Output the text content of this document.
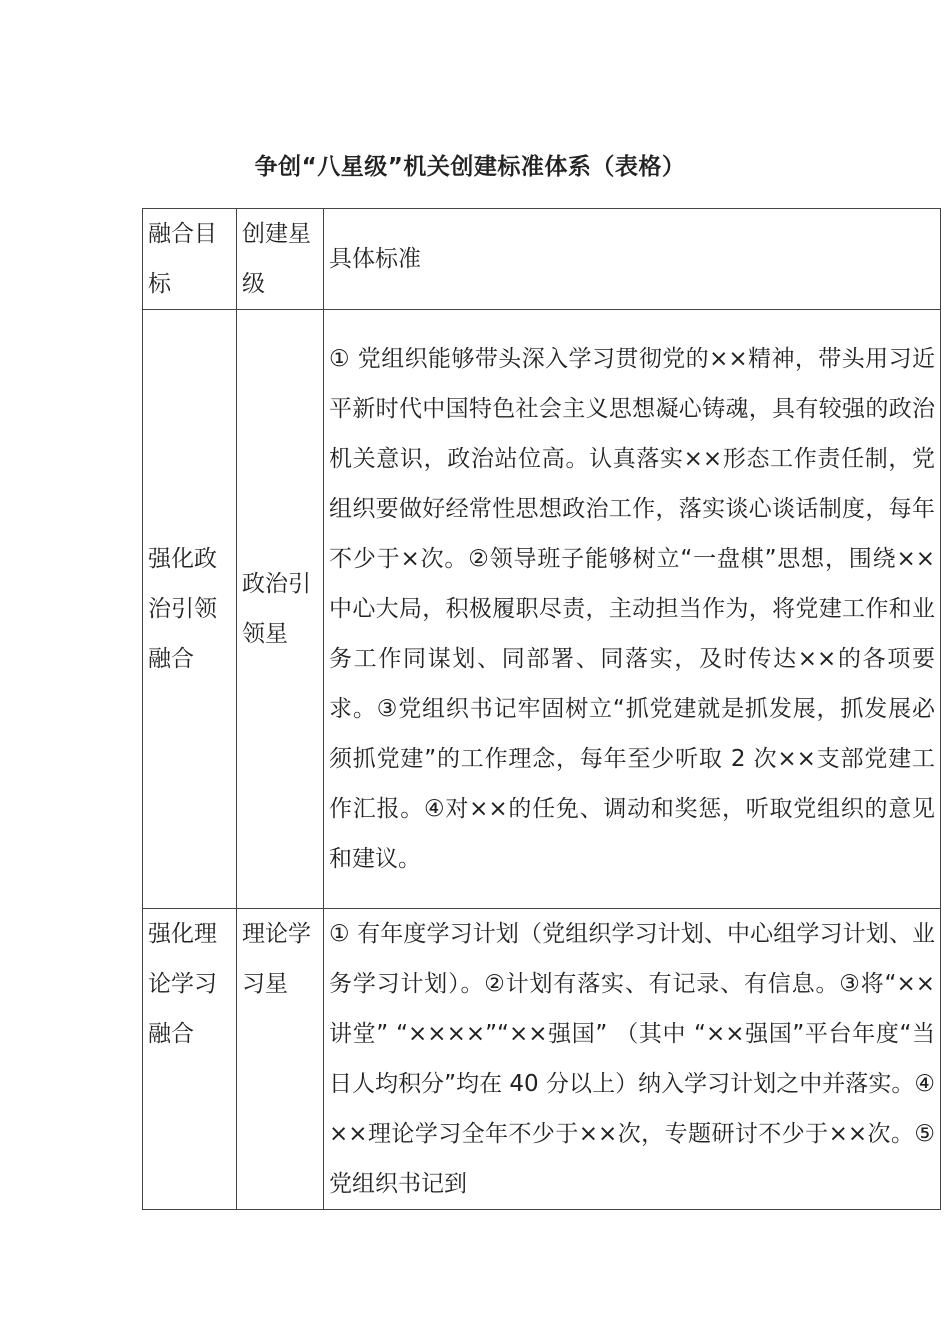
争创“八星级”机关创建标准体系（表格）
融合目标	创建星级	具体标准
强化政治引领融合	政治引领星	① 党组织能够带头深入学习贯彻党的××精神，带头用习近平新时代中国特色社会主义思想凝心铸魂，具有较强的政治机关意识，政治站位高。认真落实××形态工作责任制，党组织要做好经常性思想政治工作，落实谈心谈话制度，每年不少于×次。②领导班子能够树立“一盘棋”思想，围绕××中心大局，积极履职尽责，主动担当作为，将党建工作和业务工作同谋划、同部署、同落实，及时传达××的各项要求。③党组织书记牢固树立“抓党建就是抓发展，抓发展必须抓党建”的工作理念，每年至少听取 2 次××支部党建工作汇报。④对××的任免、调动和奖惩，听取党组织的意见和建议。
强化理论学习融合	理论学习星	① 有年度学习计划（党组织学习计划、中心组学习计划、业务学习计划）。②计划有落实、有记录、有信息。③将“××讲堂” “××××”“××强国” （其中 “××强国”平台年度“当日人均积分”均在 40 分以上）纳入学习计划之中并落实。④××理论学习全年不少于××次，专题研讨不少于××次。⑤党组织书记到
